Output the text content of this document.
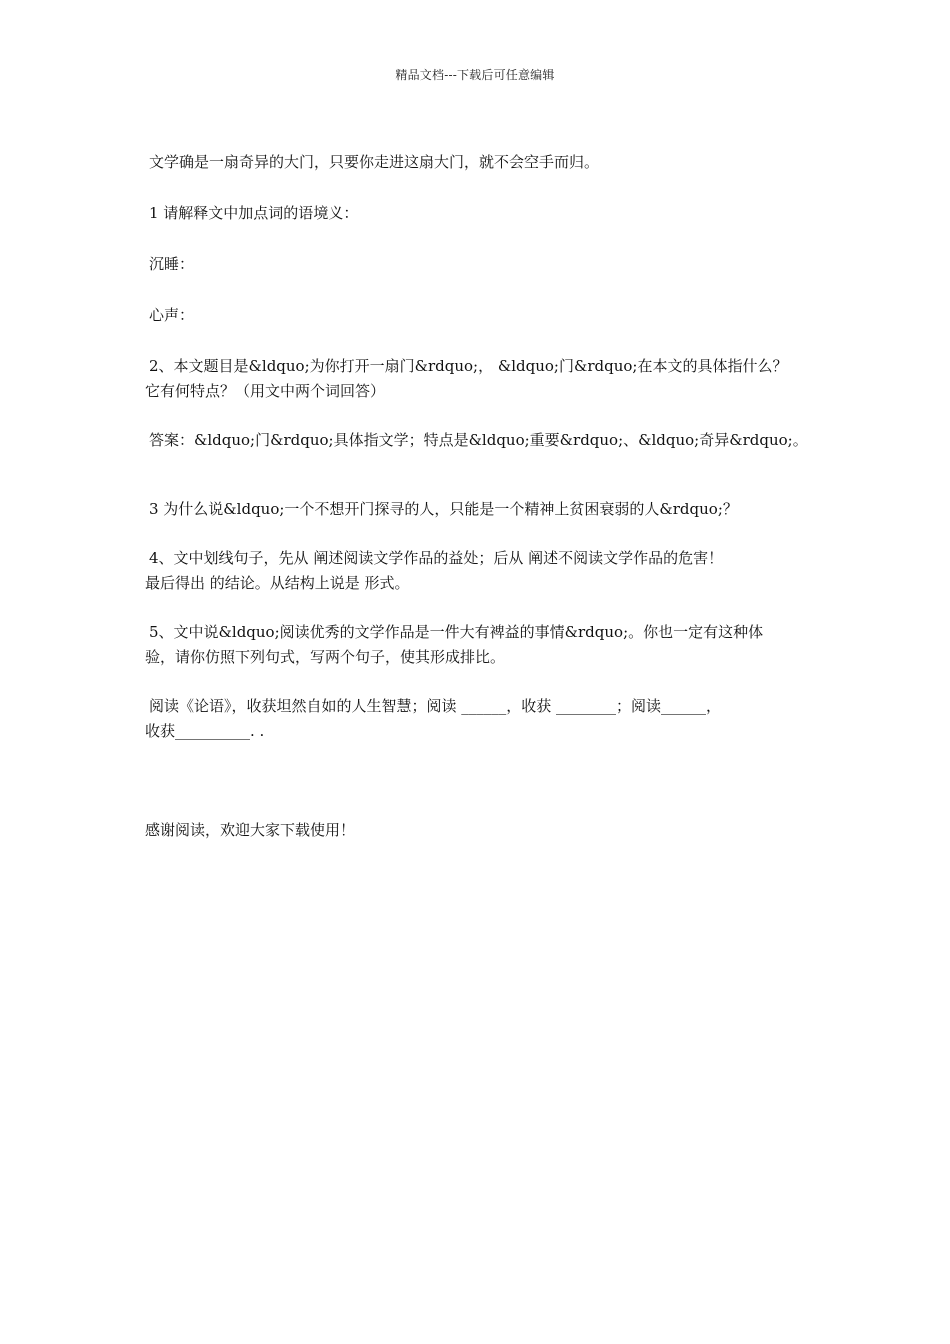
精品文档---下载后可任意编辑

文学确是一扇奇异的大门，只要你走进这扇大门，就不会空手而归。

1 请解释文中加点词的语境义：

沉睡：

心声：

2、本文题目是&ldquo;为你打开一扇门&rdquo;， &ldquo;门&rdquo;在本文的具体指什么？

它有何特点？（用文中两个词回答）

答案：&ldquo;门&rdquo;具体指文学；特点是&ldquo;重要&rdquo;、&ldquo;奇异&rdquo;。

3 为什么说&ldquo;一个不想开门探寻的人，只能是一个精神上贫困衰弱的人&rdquo;？

4、文中划线句子，先从 阐述阅读文学作品的益处；后从 阐述不阅读文学作品的危害！

最后得出 的结论。从结构上说是 形式。

5、文中说&ldquo;阅读优秀的文学作品是一件大有裨益的事情&rdquo;。你也一定有这种体

验，请你仿照下列句式，写两个句子，使其形成排比。

阅读《论语》，收获坦然自如的人生智慧；阅读 ______，收获 ________；阅读______，

收获__________. .

感谢阅读，欢迎大家下载使用！
